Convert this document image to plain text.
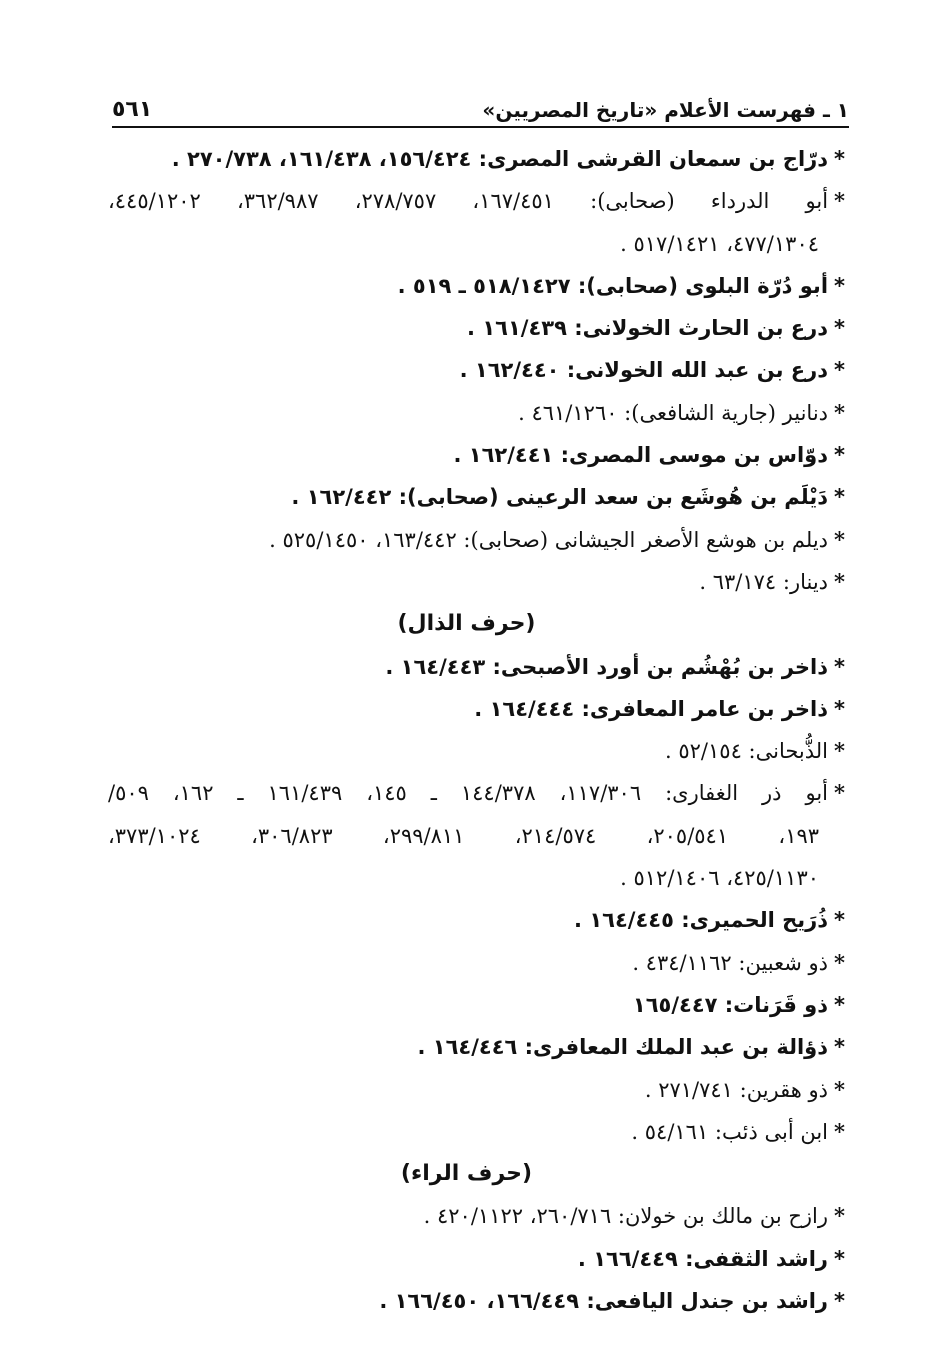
١ ـ فهرست الأعلام «تاريخ المصريين»
٥٦١
*درّاج بن سمعان القرشى المصرى: ١٥٦/٤٢٤، ١٦١/٤٣٨، ٢٧٠/٧٣٨ .
*أبو الدرداء (صحابى): ١٦٧/٤٥١، ٢٧٨/٧٥٧، ٣٦٢/٩٨٧، ٤٤٥/١٢٠٢،
٤٧٧/١٣٠٤، ٥١٧/١٤٢١ .
*أبو دُرّة البلوى (صحابى): ٥١٨/١٤٢٧ ـ ٥١٩ .
*درع بن الحارث الخولانى: ١٦١/٤٣٩ .
*درع بن عبد الله الخولانى: ١٦٢/٤٤٠ .
*دنانير (جارية الشافعى): ٤٦١/١٢٦٠ .
*دوّاس بن موسى المصرى: ١٦٢/٤٤١ .
*دَيْلَم بن هُوشَع بن سعد الرعينى (صحابى): ١٦٢/٤٤٢ .
*ديلم بن هوشع الأصغر الجيشانى (صحابى): ١٦٣/٤٤٢، ٥٢٥/١٤٥٠ .
*دينار: ٦٣/١٧٤ .
(حرف الذال)
*ذاخر بن بُهْشُم بن أورد الأصبحى: ١٦٤/٤٤٣ .
*ذاخر بن عامر المعافرى: ١٦٤/٤٤٤ .
*الذُّبحانى: ٥٢/١٥٤ .
*أبو ذر الغفارى: ١١٧/٣٠٦، ١٤٤/٣٧٨ ـ ١٤٥، ١٦١/٤٣٩ ـ ١٦٢، ٥٠٩/
١٩٣، ٢٠٥/٥٤١، ٢١٤/٥٧٤، ٢٩٩/٨١١، ٣٠٦/٨٢٣، ٣٧٣/١٠٢٤،
٤٢٥/١١٣٠، ٥١٢/١٤٠٦ .
*ذُرَيح الحميرى: ١٦٤/٤٤٥ .
*ذو شعبين: ٤٣٤/١١٦٢ .
*ذو قَرَنات: ١٦٥/٤٤٧
*ذؤالة بن عبد الملك المعافرى: ١٦٤/٤٤٦ .
*ذو هقرين: ٢٧١/٧٤١ .
*ابن أبى ذئب: ٥٤/١٦١ .
(حرف الراء)
*رازح بن مالك بن خولان: ٢٦٠/٧١٦، ٤٢٠/١١٢٢ .
*راشد الثقفى: ١٦٦/٤٤٩ .
*راشد بن جندل اليافعى: ١٦٦/٤٤٩، ١٦٦/٤٥٠ .
